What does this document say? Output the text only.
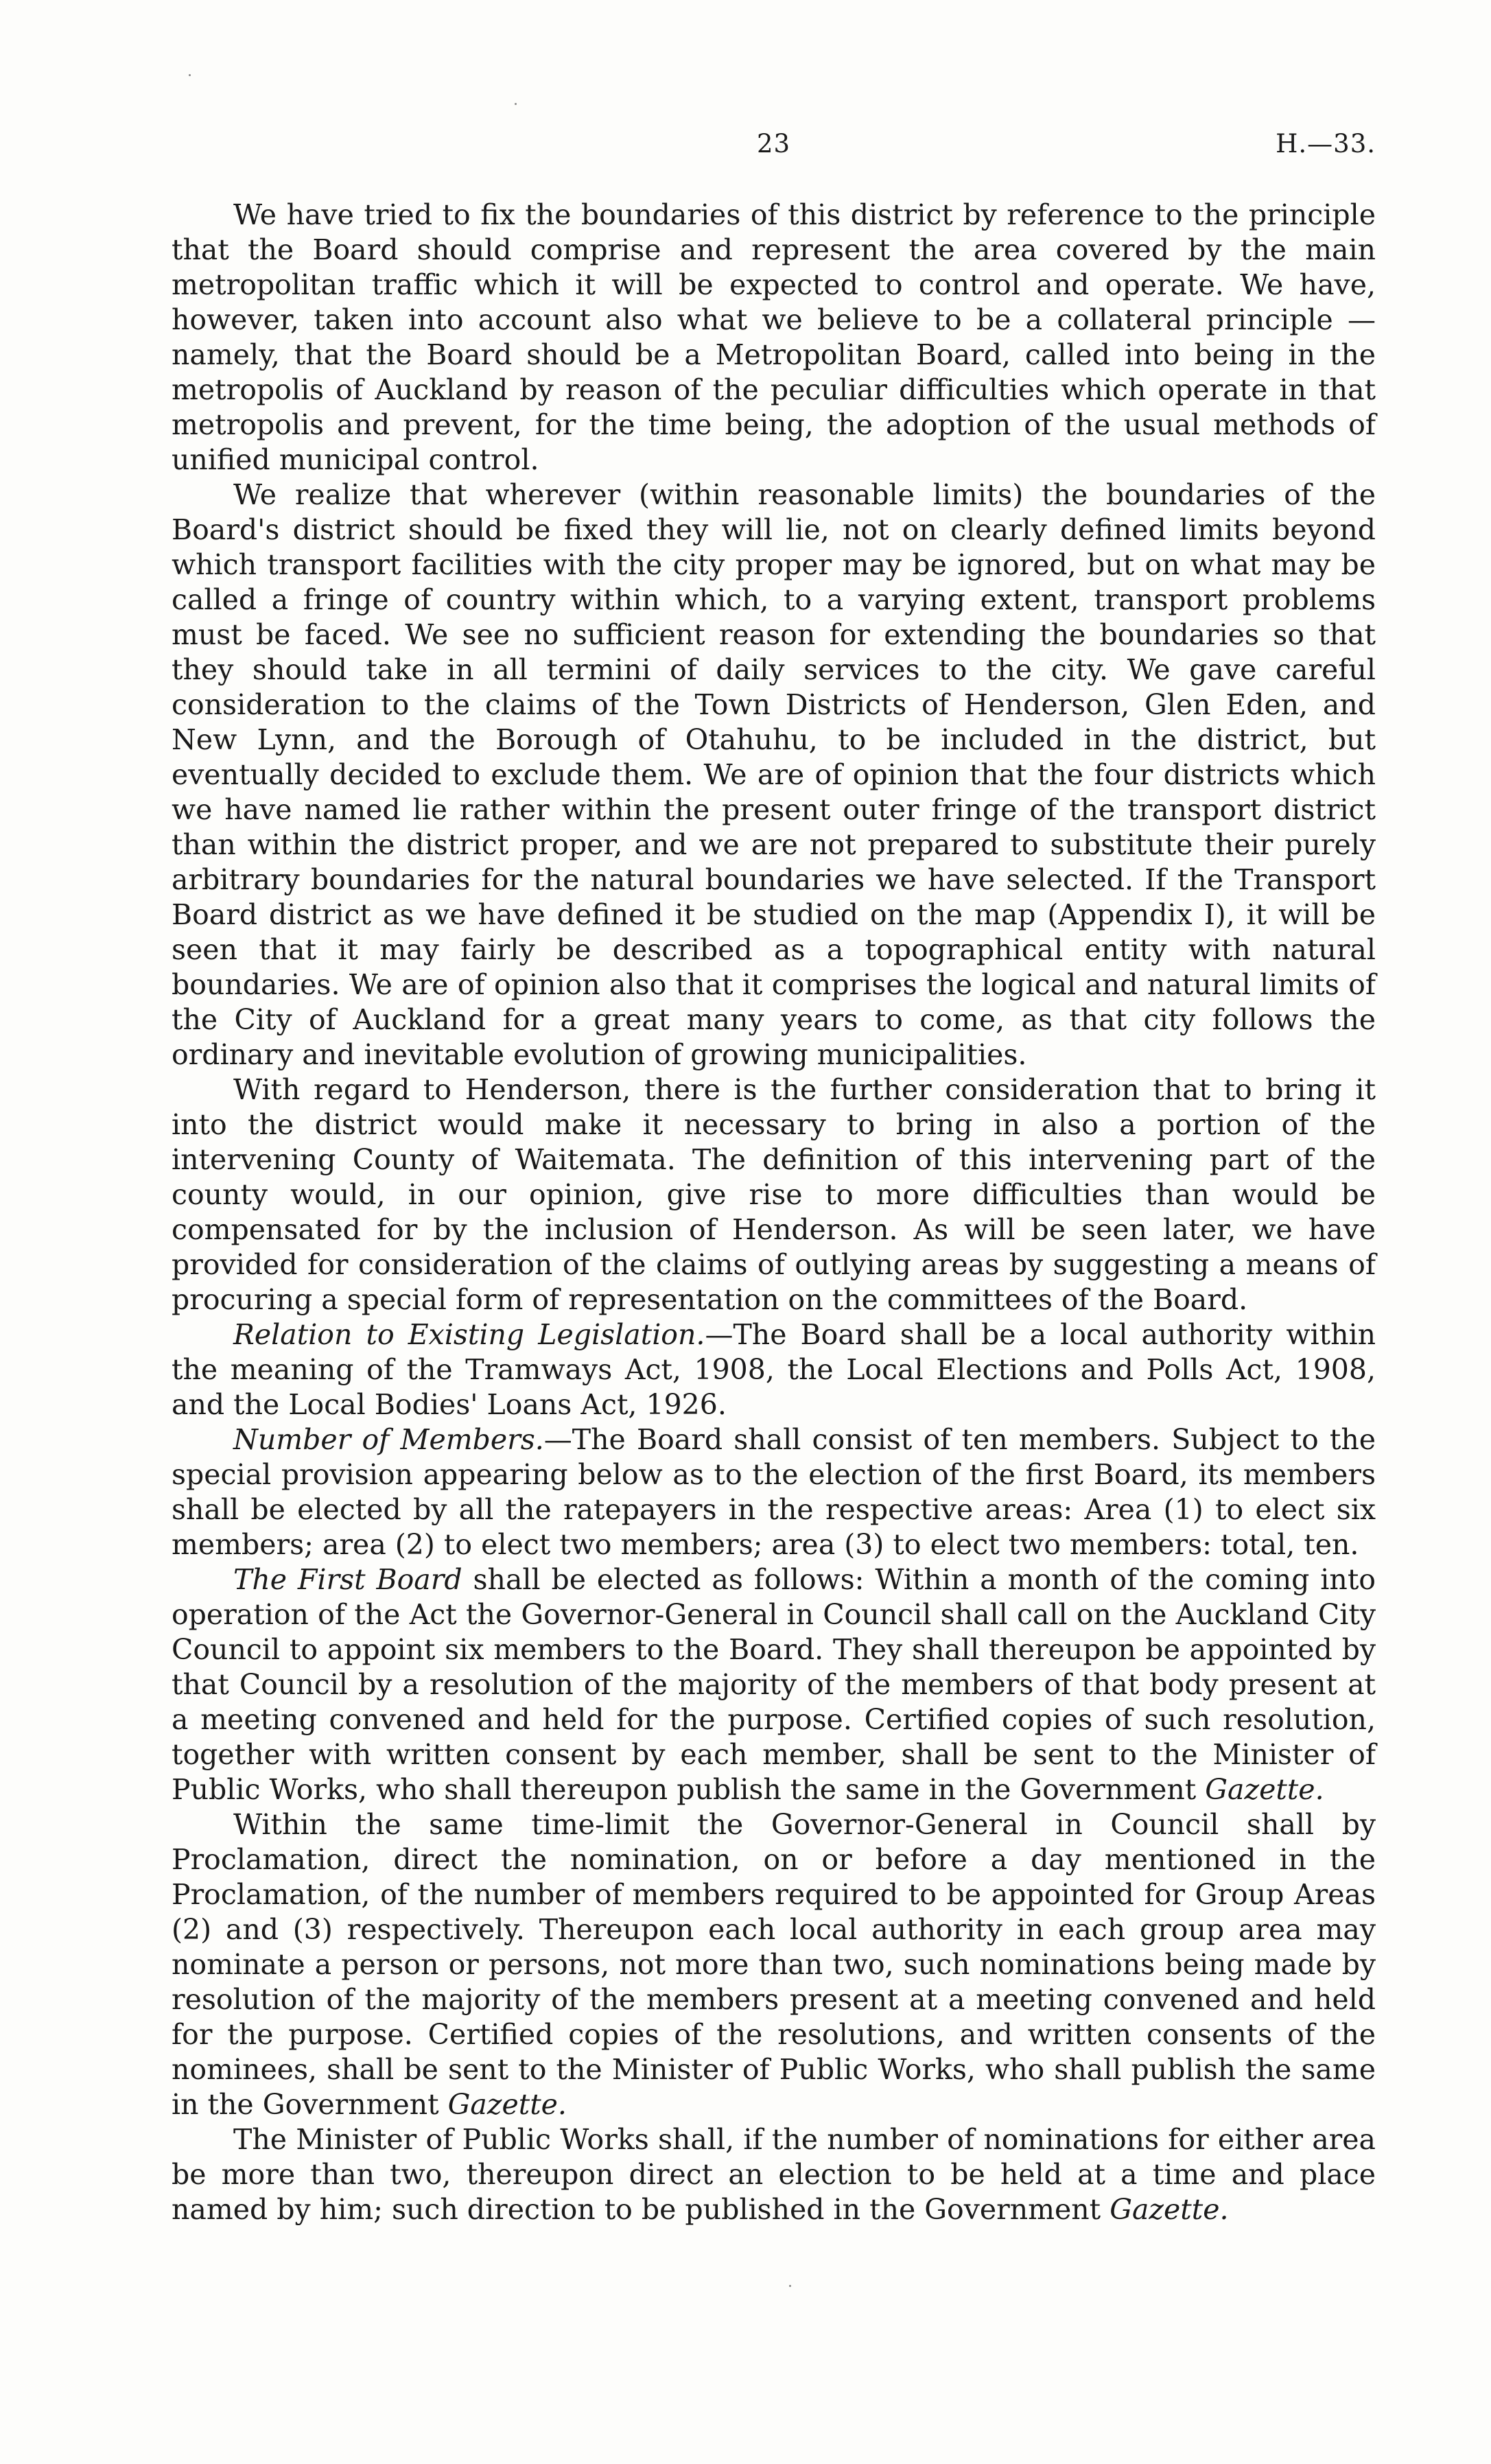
23	H.—33.

We have tried to fix the boundaries of this district by reference to the principle that the Board should comprise and represent the area covered by the main metropolitan traffic which it will be expected to control and operate. We have, however, taken into account also what we believe to be a collateral principle —namely, that the Board should be a Metropolitan Board, called into being in the metropolis of Auckland by reason of the peculiar difficulties which operate in that metropolis and prevent, for the time being, the adoption of the usual methods of unified municipal control.

We realize that wherever (within reasonable limits) the boundaries of the Board's district should be fixed they will lie, not on clearly defined limits beyond which transport facilities with the city proper may be ignored, but on what may be called a fringe of country within which, to a varying extent, transport problems must be faced. We see no sufficient reason for extending the boundaries so that they should take in all termini of daily services to the city. We gave careful consideration to the claims of the Town Districts of Henderson, Glen Eden, and New Lynn, and the Borough of Otahuhu, to be included in the district, but eventually decided to exclude them. We are of opinion that the four districts which we have named lie rather within the present outer fringe of the transport district than within the district proper, and we are not prepared to substitute their purely arbitrary boundaries for the natural boundaries we have selected. If the Transport Board district as we have defined it be studied on the map (Appendix I), it will be seen that it may fairly be described as a topographical entity with natural boundaries. We are of opinion also that it comprises the logical and natural limits of the City of Auckland for a great many years to come, as that city follows the ordinary and inevitable evolution of growing municipalities.

With regard to Henderson, there is the further consideration that to bring it into the district would make it necessary to bring in also a portion of the intervening County of Waitemata. The definition of this intervening part of the county would, in our opinion, give rise to more difficulties than would be compensated for by the inclusion of Henderson. As will be seen later, we have provided for consideration of the claims of outlying areas by suggesting a means of procuring a special form of representation on the committees of the Board.

Relation to Existing Legislation.—The Board shall be a local authority within the meaning of the Tramways Act, 1908, the Local Elections and Polls Act, 1908, and the Local Bodies' Loans Act, 1926.

Number of Members.—The Board shall consist of ten members. Subject to the special provision appearing below as to the election of the first Board, its members shall be elected by all the ratepayers in the respective areas: Area (1) to elect six members; area (2) to elect two members; area (3) to elect two members: total, ten.

The First Board shall be elected as follows: Within a month of the coming into operation of the Act the Governor-General in Council shall call on the Auckland City Council to appoint six members to the Board. They shall thereupon be appointed by that Council by a resolution of the majority of the members of that body present at a meeting convened and held for the purpose. Certified copies of such resolution, together with written consent by each member, shall be sent to the Minister of Public Works, who shall thereupon publish the same in the Government Gazette.

Within the same time-limit the Governor-General in Council shall by Proclamation, direct the nomination, on or before a day mentioned in the Proclamation, of the number of members required to be appointed for Group Areas (2) and (3) respectively. Thereupon each local authority in each group area may nominate a person or persons, not more than two, such nominations being made by resolution of the majority of the members present at a meeting convened and held for the purpose. Certified copies of the resolutions, and written consents of the nominees, shall be sent to the Minister of Public Works, who shall publish the same in the Government Gazette.

The Minister of Public Works shall, if the number of nominations for either area be more than two, thereupon direct an election to be held at a time and place named by him; such direction to be published in the Government Gazette.
